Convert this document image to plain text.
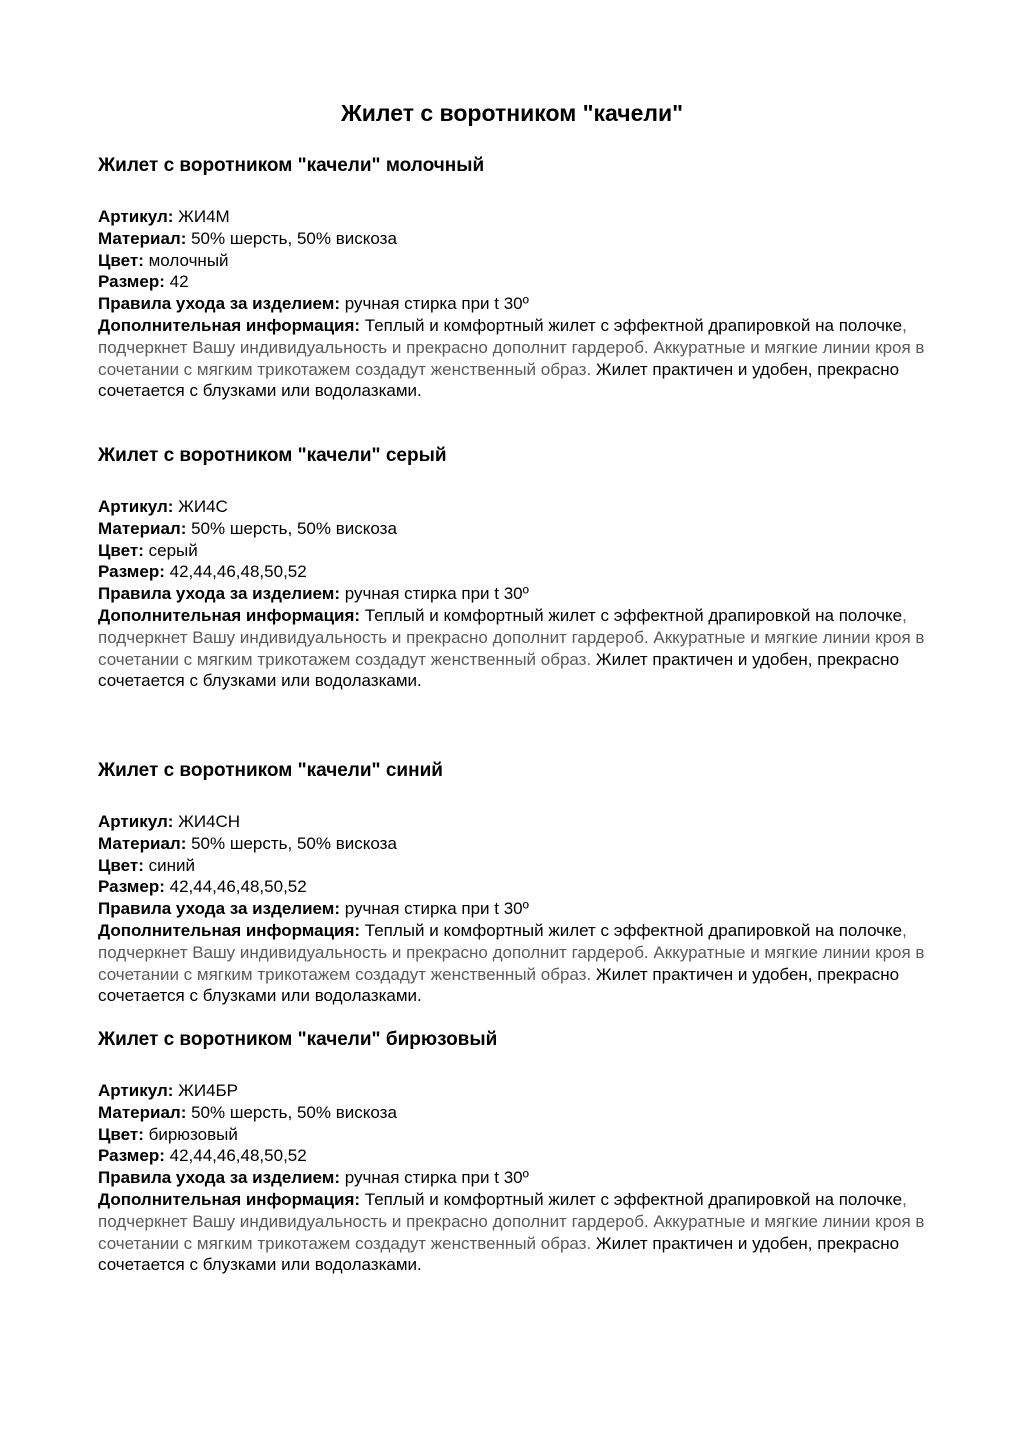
Жилет с воротником "качели"
Жилет с воротником "качели" молочный

Артикул: ЖИ4М

Материал: 50% шерсть, 50% вискоза

Цвет: молочный

Размер: 42

Правила ухода за изделием: ручная стирка при t 30º

Дополнительная информация: Теплый и комфортный жилет с эффектной драпировкой на полочке, подчеркнет Вашу индивидуальность и прекрасно дополнит гардероб. Аккуратные и мягкие линии кроя в сочетании с мягким трикотажем создадут женственный образ. Жилет практичен и удобен, прекрасно сочетается с блузками или водолазками.

Жилет с воротником "качели" серый

Артикул: ЖИ4С

Материал: 50% шерсть, 50% вискоза

Цвет: серый

Размер: 42,44,46,48,50,52

Правила ухода за изделием: ручная стирка при t 30º

Дополнительная информация: Теплый и комфортный жилет с эффектной драпировкой на полочке, подчеркнет Вашу индивидуальность и прекрасно дополнит гардероб. Аккуратные и мягкие линии кроя в сочетании с мягким трикотажем создадут женственный образ. Жилет практичен и удобен, прекрасно сочетается с блузками или водолазками.

Жилет с воротником "качели" синий

Артикул: ЖИ4СН

Материал: 50% шерсть, 50% вискоза

Цвет: синий

Размер: 42,44,46,48,50,52

Правила ухода за изделием: ручная стирка при t 30º

Дополнительная информация: Теплый и комфортный жилет с эффектной драпировкой на полочке, подчеркнет Вашу индивидуальность и прекрасно дополнит гардероб. Аккуратные и мягкие линии кроя в сочетании с мягким трикотажем создадут женственный образ. Жилет практичен и удобен, прекрасно сочетается с блузками или водолазками.

Жилет с воротником "качели" бирюзовый

Артикул: ЖИ4БР

Материал: 50% шерсть, 50% вискоза

Цвет: бирюзовый

Размер: 42,44,46,48,50,52

Правила ухода за изделием: ручная стирка при t 30º

Дополнительная информация: Теплый и комфортный жилет с эффектной драпировкой на полочке, подчеркнет Вашу индивидуальность и прекрасно дополнит гардероб. Аккуратные и мягкие линии кроя в сочетании с мягким трикотажем создадут женственный образ. Жилет практичен и удобен, прекрасно сочетается с блузками или водолазками.
